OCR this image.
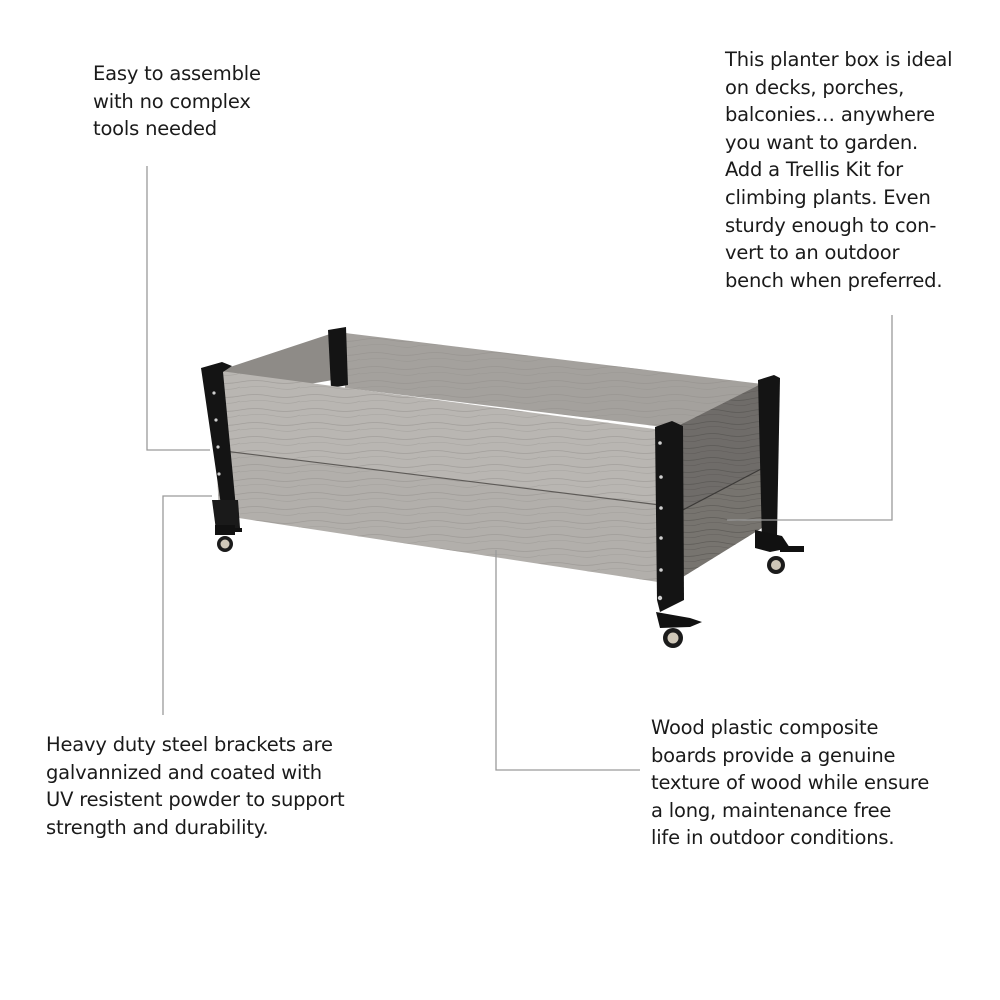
Easy to assemble

with no complex

tools needed

This planter box is ideal

on decks, porches,

balconies… anywhere

you want to garden.

Add a Trellis Kit for

climbing plants. Even

sturdy enough to con-

vert to an outdoor

bench when preferred.

Heavy duty steel brackets are

galvannized and coated with

UV resistent powder to support

strength and durability.

Wood plastic composite

boards provide a genuine

texture of wood while ensure

a long, maintenance free

life in outdoor conditions.
